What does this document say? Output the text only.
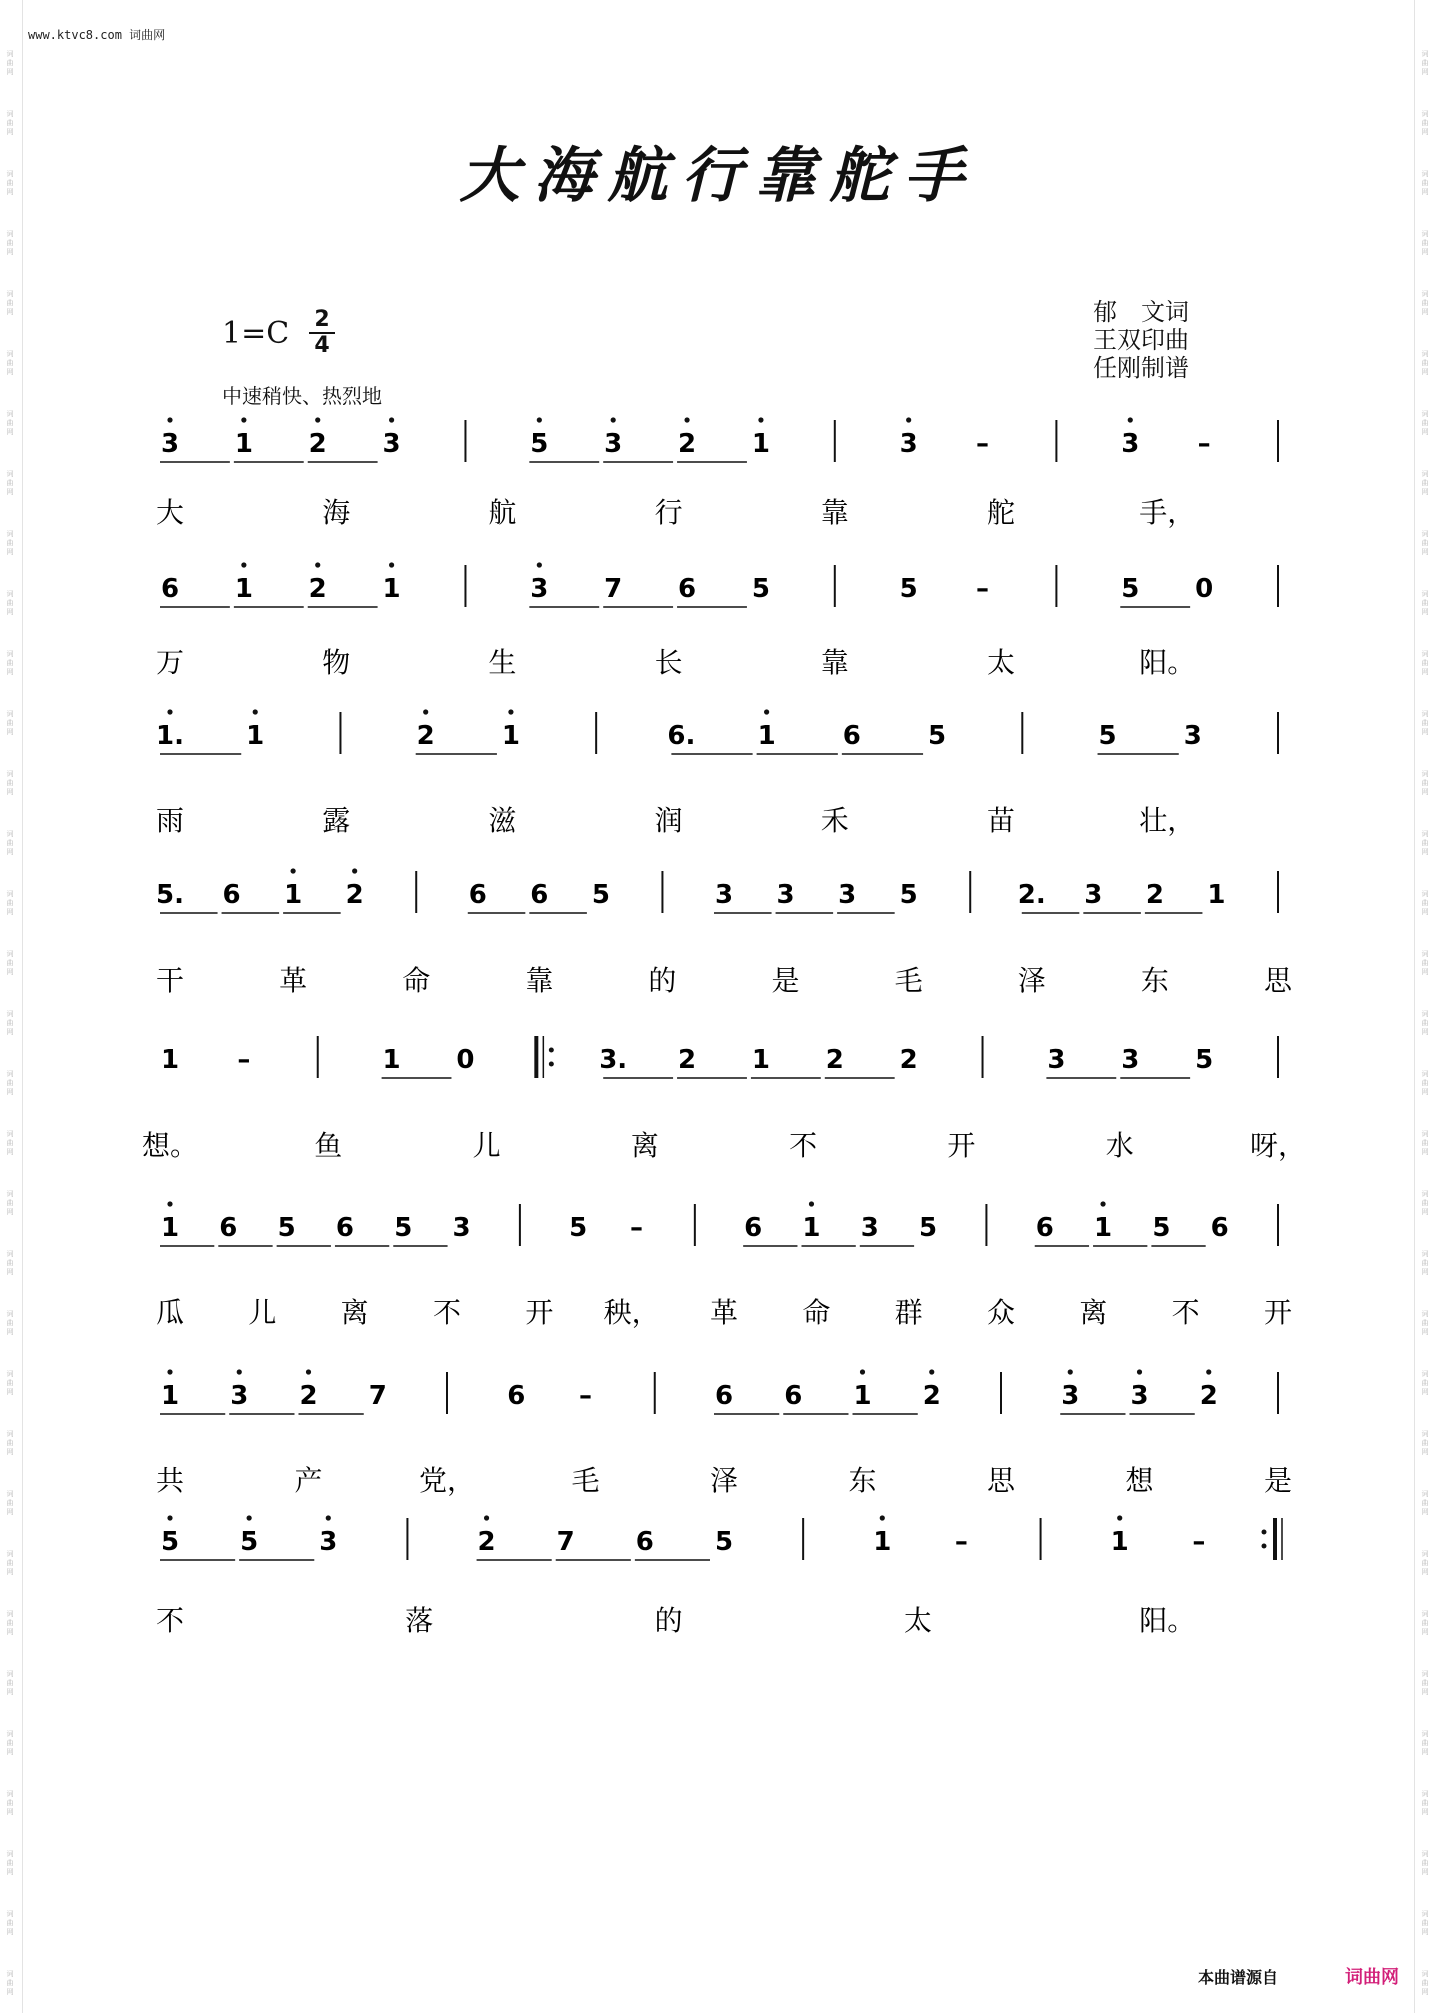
词
曲
网
词
曲
网
词
曲
网
词
曲
网
词
曲
网
词
曲
网
词
曲
网
词
曲
网
词
曲
网
词
曲
网
词
曲
网
词
曲
网
词
曲
网
词
曲
网
词
曲
网
词
曲
网
词
曲
网
词
曲
网
词
曲
网
词
曲
网
词
曲
网
词
曲
网
词
曲
网
词
曲
网
词
曲
网
词
曲
网
词
曲
网
词
曲
网
词
曲
网
词
曲
网
词
曲
网
词
曲
网
词
曲
网
词
曲
网
词
曲
网
词
曲
网
词
曲
网
词
曲
网
词
曲
网
词
曲
网
词
曲
网
词
曲
网
词
曲
网
词
曲
网
词
曲
网
词
曲
网
词
曲
网
词
曲
网
词
曲
网
词
曲
网
词
曲
网
词
曲
网
词
曲
网
词
曲
网
词
曲
网
词
曲
网
词
曲
网
词
曲
网
词
曲
网
词
曲
网
词
曲
网
词
曲
网
词
曲
网
词
曲
网
词
曲
网
词
曲
网
www.ktvc8.com 词曲网
大海航行靠舵手
1=C 2
4
中速稍快、热烈地
郁　文词
王双印曲
任刚制谱
3 1 2 3	5 3 2 1	3 –	3 –
大	海	航	行	靠	舵	手，
6 1 2 1	3 7 6 5	5 –	5 0
万	物	生	长	靠	太	阳。
1. 1	2	1	6. 1	6	5	5	3
雨	露	滋	润	禾	苗	壮，
5. 6 1 2	6 6 5	3 3 3 5	2. 3 2 1
干	革	命	靠	的	是	毛	泽	东	思
1 –	1 0	3. 2 1 2 2	3 3 5
想。	鱼	儿	离	不	开	水	呀，
1 6 5 6 5 3	5 –	6 1 3 5	6 1 5 6
瓜 儿 离 不 开 秧， 革 命 群 众 离 不 开
1 3 2 7	6 –	6 6 1 2	3 3 2
共	产	党，	毛	泽	东	思	想	是
5 5 3	2 7 6 5	1 –	1 –
不	落	的	太	阳。
本曲谱源自	词曲网
